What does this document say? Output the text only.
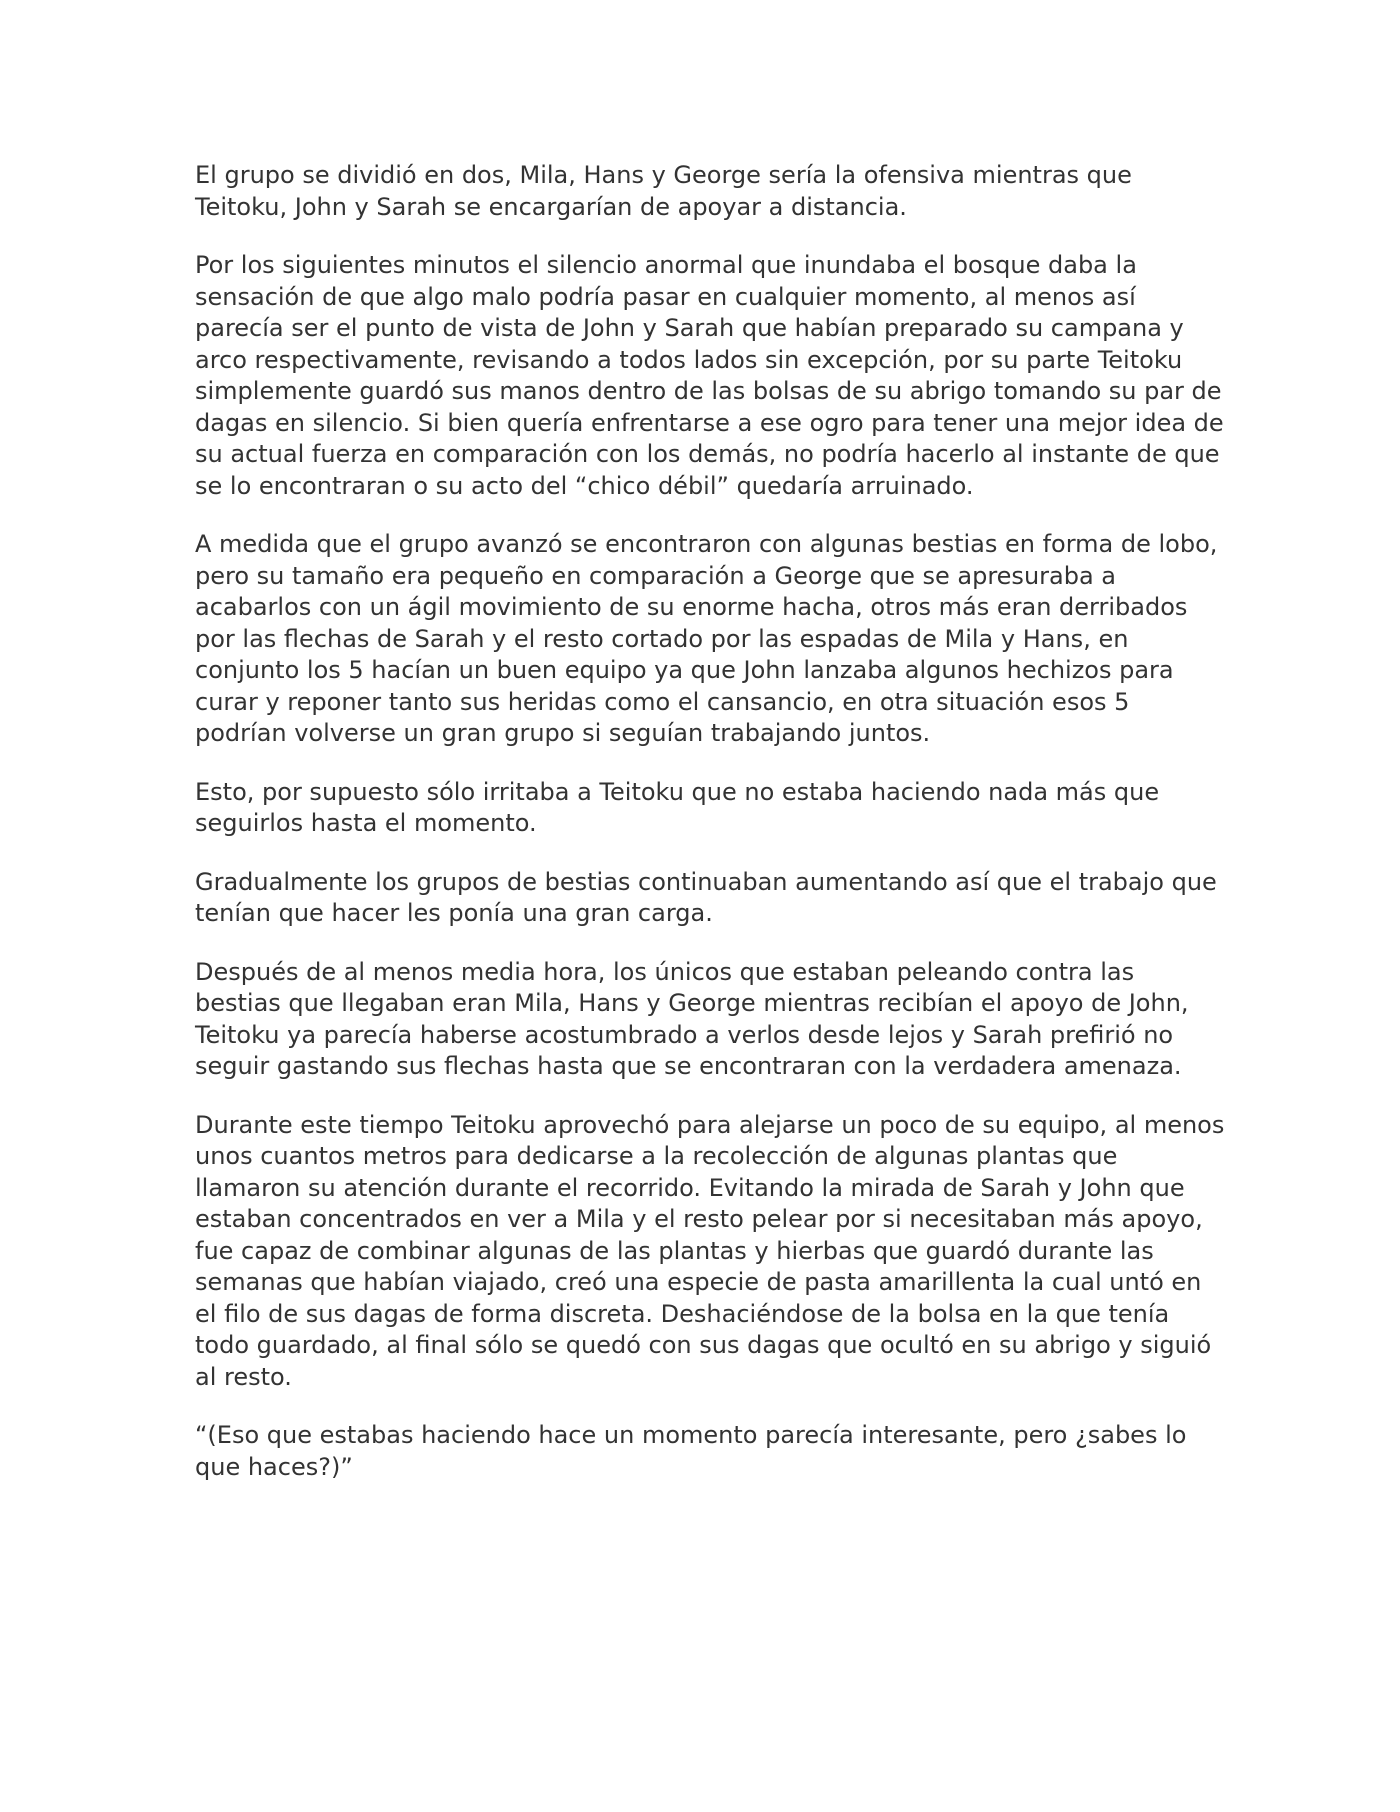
El grupo se dividió en dos, Mila, Hans y George sería la ofensiva mientras que Teitoku, John y Sarah se encargarían de apoyar a distancia.

Por los siguientes minutos el silencio anormal que inundaba el bosque daba la sensación de que algo malo podría pasar en cualquier momento, al menos así parecía ser el punto de vista de John y Sarah que habían preparado su campana y arco respectivamente, revisando a todos lados sin excepción, por su parte Teitoku simplemente guardó sus manos dentro de las bolsas de su abrigo tomando su par de dagas en silencio. Si bien quería enfrentarse a ese ogro para tener una mejor idea de su actual fuerza en comparación con los demás, no podría hacerlo al instante de que se lo encontraran o su acto del “chico débil” quedaría arruinado.

A medida que el grupo avanzó se encontraron con algunas bestias en forma de lobo, pero su tamaño era pequeño en comparación a George que se apresuraba a acabarlos con un ágil movimiento de su enorme hacha, otros más eran derribados por las flechas de Sarah y el resto cortado por las espadas de Mila y Hans, en conjunto los 5 hacían un buen equipo ya que John lanzaba algunos hechizos para curar y reponer tanto sus heridas como el cansancio, en otra situación esos 5 podrían volverse un gran grupo si seguían trabajando juntos.

Esto, por supuesto sólo irritaba a Teitoku que no estaba haciendo nada más que seguirlos hasta el momento.

Gradualmente los grupos de bestias continuaban aumentando así que el trabajo que tenían que hacer les ponía una gran carga.

Después de al menos media hora, los únicos que estaban peleando contra las bestias que llegaban eran Mila, Hans y George mientras recibían el apoyo de John, Teitoku ya parecía haberse acostumbrado a verlos desde lejos y Sarah prefirió no seguir gastando sus flechas hasta que se encontraran con la verdadera amenaza.

Durante este tiempo Teitoku aprovechó para alejarse un poco de su equipo, al menos unos cuantos metros para dedicarse a la recolección de algunas plantas que llamaron su atención durante el recorrido. Evitando la mirada de Sarah y John que estaban concentrados en ver a Mila y el resto pelear por si necesitaban más apoyo, fue capaz de combinar algunas de las plantas y hierbas que guardó durante las semanas que habían viajado, creó una especie de pasta amarillenta la cual untó en el filo de sus dagas de forma discreta. Deshaciéndose de la bolsa en la que tenía todo guardado, al final sólo se quedó con sus dagas que ocultó en su abrigo y siguió al resto.

“(Eso que estabas haciendo hace un momento parecía interesante, pero ¿sabes lo que haces?)”
